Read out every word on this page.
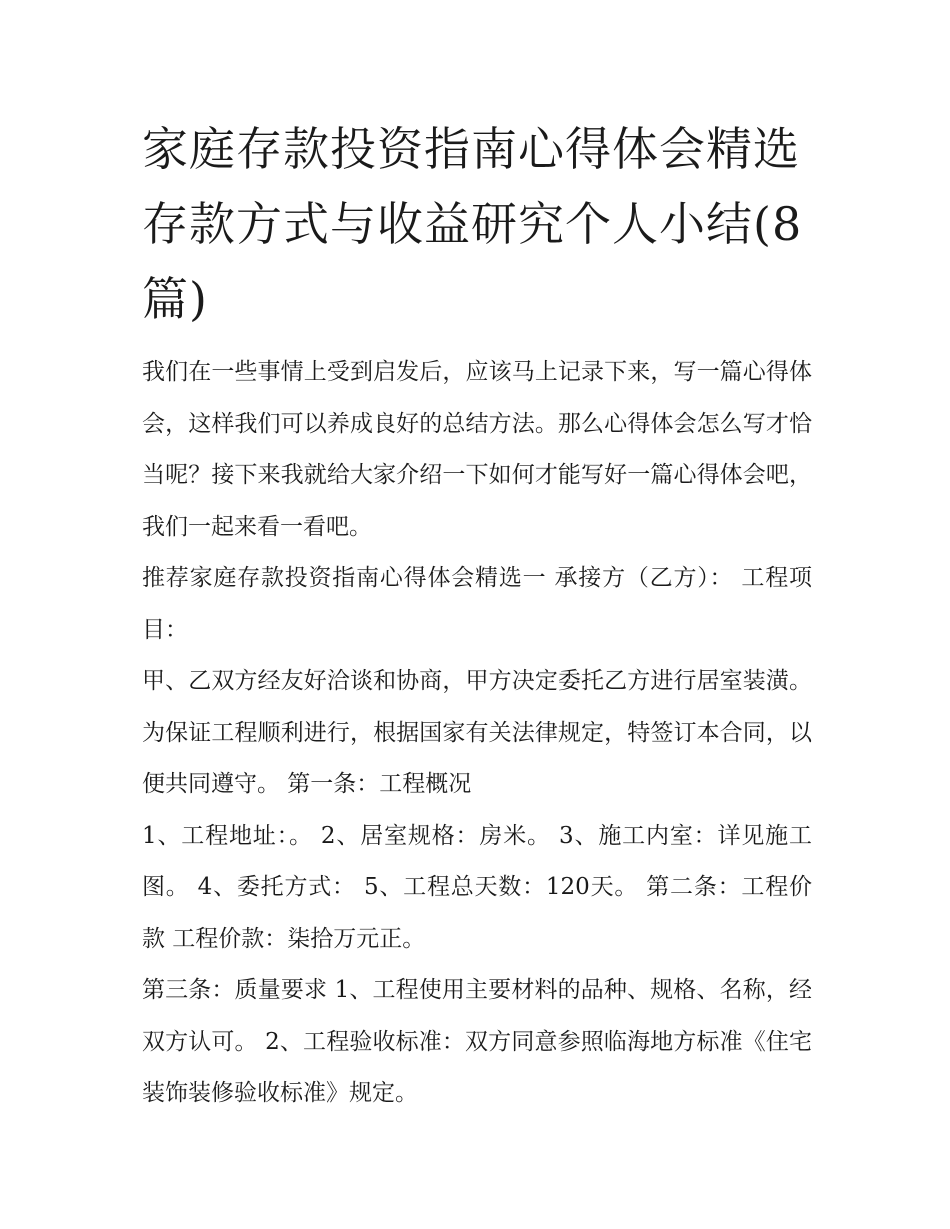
家庭存款投资指南心得体会精选 存款方式与收益研究个人小结(8篇)

我们在一些事情上受到启发后，应该马上记录下来，写一篇心得体会，这样我们可以养成良好的总结方法。那么心得体会怎么写才恰当呢？接下来我就给大家介绍一下如何才能写好一篇心得体会吧，我们一起来看一看吧。

推荐家庭存款投资指南心得体会精选一 承接方（乙方）： 工程项目：

甲、乙双方经友好洽谈和协商，甲方决定委托乙方进行居室装潢。为保证工程顺利进行，根据国家有关法律规定，特签订本合同，以便共同遵守。 第一条：工程概况

1、工程地址：。 2、居室规格：房米。 3、施工内室：详见施工图。 4、委托方式： 5、工程总天数：120天。 第二条：工程价款 工程价款：柒拾万元正。

第三条：质量要求 1、工程使用主要材料的品种、规格、名称，经双方认可。 2、工程验收标准：双方同意参照临海地方标准《住宅装饰装修验收标准》规定。
